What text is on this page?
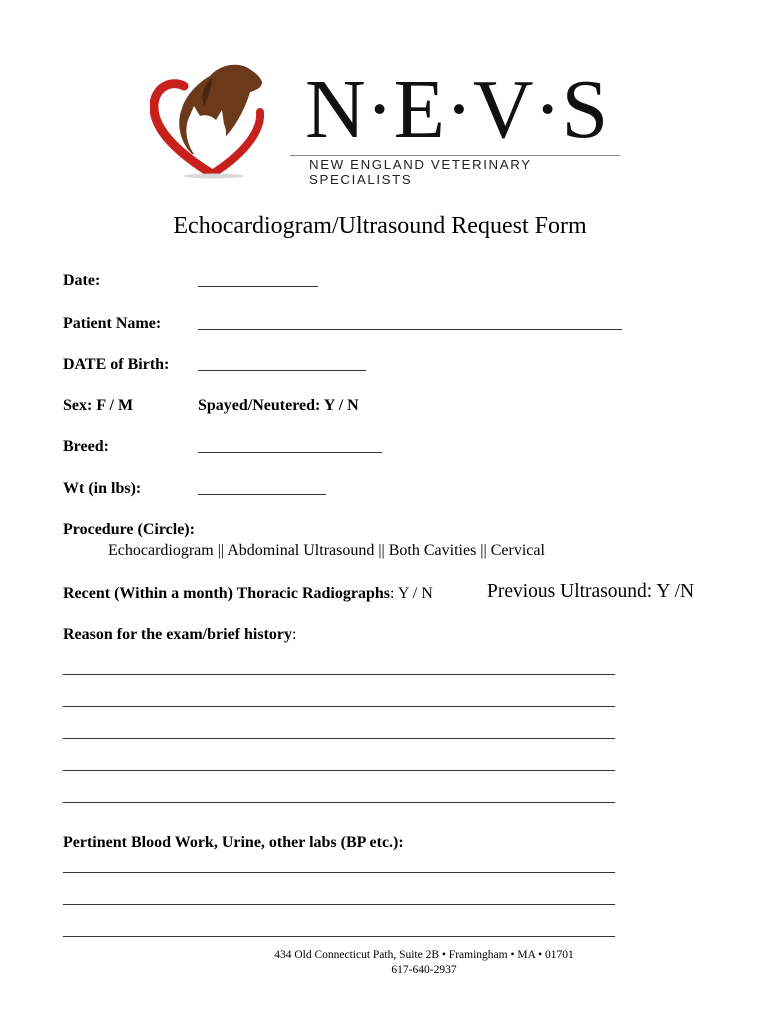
N·E·V·S
NEW ENGLAND VETERINARY SPECIALISTS
Echocardiogram/Ultrasound Request Form
Date:	_______________
Patient Name: _____________________________________________________
DATE of Birth: _____________________
Sex: F / M	Spayed/Neutered: Y / N
Breed:	_______________________
Wt (in lbs):	________________
Procedure (Circle):
Echocardiogram || Abdominal Ultrasound || Both Cavities || Cervical
Recent (Within a month) Thoracic Radiographs: Y / N	Previous Ultrasound: Y /N
Reason for the exam/brief history:
_____________________________________________________________________
_____________________________________________________________________
_____________________________________________________________________
_____________________________________________________________________
_____________________________________________________________________
Pertinent Blood Work, Urine, other labs (BP etc.):
_____________________________________________________________________
_____________________________________________________________________
_____________________________________________________________________
434 Old Connecticut Path, Suite 2B • Framingham • MA • 01701
617-640-2937
